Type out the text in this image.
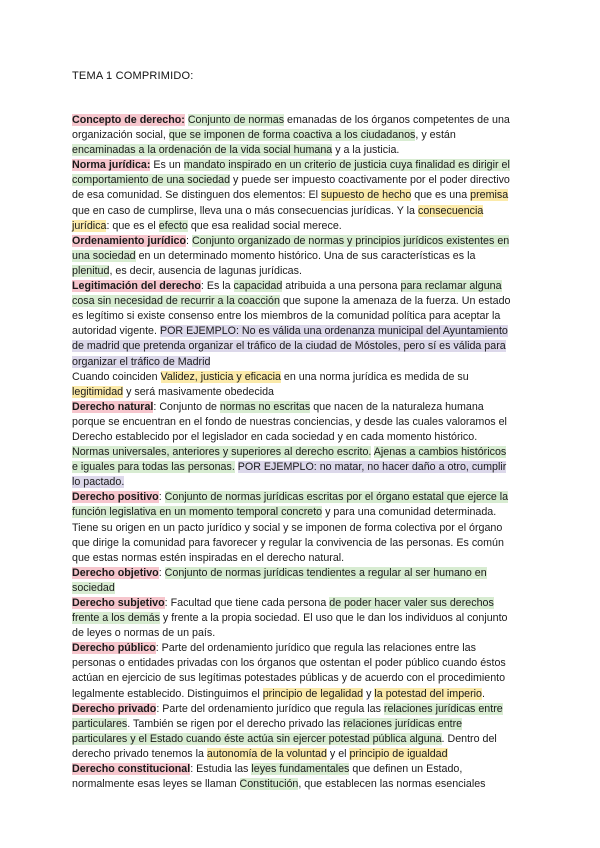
TEMA 1 COMPRIMIDO:
Concepto de derecho: Conjunto de normas emanadas de los órganos competentes de una
organización social, que se imponen de forma coactiva a los ciudadanos, y están
encaminadas a la ordenación de la vida social humana y a la justicia.
Norma jurídica: Es un mandato inspirado en un criterio de justicia cuya finalidad es dirigir el
comportamiento de una sociedad y puede ser impuesto coactivamente por el poder directivo
de esa comunidad. Se distinguen dos elementos: El supuesto de hecho que es una premisa
que en caso de cumplirse, lleva una o más consecuencias jurídicas. Y la consecuencia
jurídica: que es el efecto que esa realidad social merece.
Ordenamiento jurídico: Conjunto organizado de normas y principios jurídicos existentes en
una sociedad en un determinado momento histórico. Una de sus características es la
plenitud, es decir, ausencia de lagunas jurídicas.
Legitimación del derecho: Es la capacidad atribuida a una persona para reclamar alguna
cosa sin necesidad de recurrir a la coacción que supone la amenaza de la fuerza. Un estado
es legítimo si existe consenso entre los miembros de la comunidad política para aceptar la
autoridad vigente. POR EJEMPLO: No es válida una ordenanza municipal del Ayuntamiento
de madrid que pretenda organizar el tráfico de la ciudad de Móstoles, pero sí es válida para
organizar el tráfico de Madrid
Cuando coinciden Validez, justicia y eficacia en una norma jurídica es medida de su
legitimidad y será masivamente obedecida
Derecho natural: Conjunto de normas no escritas que nacen de la naturaleza humana
porque se encuentran en el fondo de nuestras conciencias, y desde las cuales valoramos el
Derecho establecido por el legislador en cada sociedad y en cada momento histórico.
Normas universales, anteriores y superiores al derecho escrito. Ajenas a cambios históricos
e iguales para todas las personas. POR EJEMPLO: no matar, no hacer daño a otro, cumplir
lo pactado.
Derecho positivo: Conjunto de normas jurídicas escritas por el órgano estatal que ejerce la
función legislativa en un momento temporal concreto y para una comunidad determinada.
Tiene su origen en un pacto jurídico y social y se imponen de forma colectiva por el órgano
que dirige la comunidad para favorecer y regular la convivencia de las personas. Es común
que estas normas estén inspiradas en el derecho natural.
Derecho objetivo: Conjunto de normas jurídicas tendientes a regular al ser humano en
sociedad
Derecho subjetivo: Facultad que tiene cada persona de poder hacer valer sus derechos
frente a los demás y frente a la propia sociedad. El uso que le dan los individuos al conjunto
de leyes o normas de un país.
Derecho público: Parte del ordenamiento jurídico que regula las relaciones entre las
personas o entidades privadas con los órganos que ostentan el poder público cuando éstos
actúan en ejercicio de sus legítimas potestades públicas y de acuerdo con el procedimiento
legalmente establecido. Distinguimos el principio de legalidad y la potestad del imperio.
Derecho privado: Parte del ordenamiento jurídico que regula las relaciones jurídicas entre
particulares. También se rigen por el derecho privado las relaciones jurídicas entre
particulares y el Estado cuando éste actúa sin ejercer potestad pública alguna. Dentro del
derecho privado tenemos la autonomía de la voluntad y el principio de igualdad
Derecho constitucional: Estudia las leyes fundamentales que definen un Estado,
normalmente esas leyes se llaman Constitución, que establecen las normas esenciales
